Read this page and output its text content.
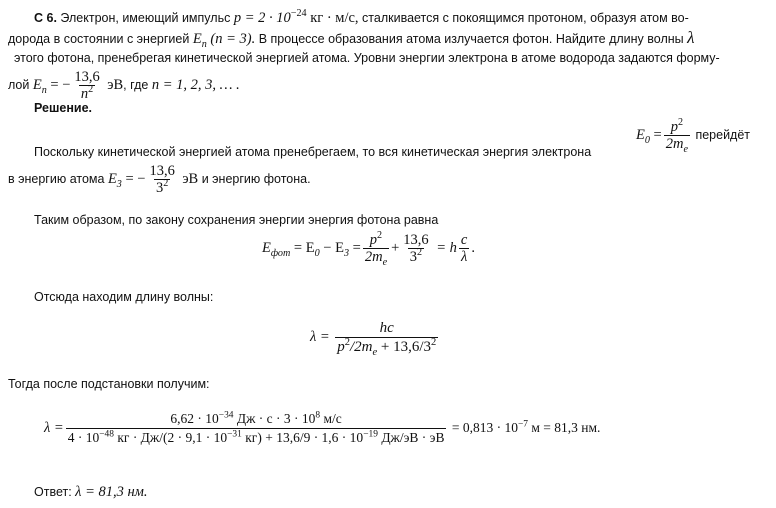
С 6. Электрон, имеющий импульс $p = 2 \cdot 10^{-24}$ кг · м/с, сталкивается с покоящимся протоном, образуя атом во-
дорода в состоянии с энергией $E_n$ (n = 3). В процессе образования атома излучается фотон. Найдите длину волны λ
этого фотона, пренебрегая кинетической энергией атома. Уровни энергии электрона в атоме водорода задаются форму-
лой $E_n$ = − $\frac{13,6}{n^2}$ эВ, где n = 1, 2, 3, … .
Решение.
Поскольку кинетической энергией атома пренебрегаем, то вся кинетическая энергия электрона
$E_0 = \frac{p^2}{2m_e}$ перейдёт
в энергию атома $E_3$ = − $\frac{13,6}{3^2}$ эВ и энергию фотона.
Таким образом, по закону сохранения энергии энергия фотона равна
$E_{фот} = E_0 - E_3 = \frac{p^2}{2m_e} + \frac{13,6}{3^2} = h \frac{c}{\lambda}$ .
Отсюда находим длину волны:
$\lambda = \frac{hc}{p^2/2m_e + 13,6/3^2}$
Тогда после подстановки получим:
λ =
$6,62 \cdot 10^{-34}$ Дж · $с \cdot 3 \cdot 10^8$ м/с
$4 \cdot 10^{-48}$ кг · $Дж/(2 \cdot 9,1 \cdot 10^{-31}$ $кг) + 13,6/9 \cdot 1,6 \cdot 10^{-19}$ Дж/эВ · эВ
= $0,813 \cdot 10^{-7}$ м = 81,3 нм.
Ответ: λ = 81,3 нм.
